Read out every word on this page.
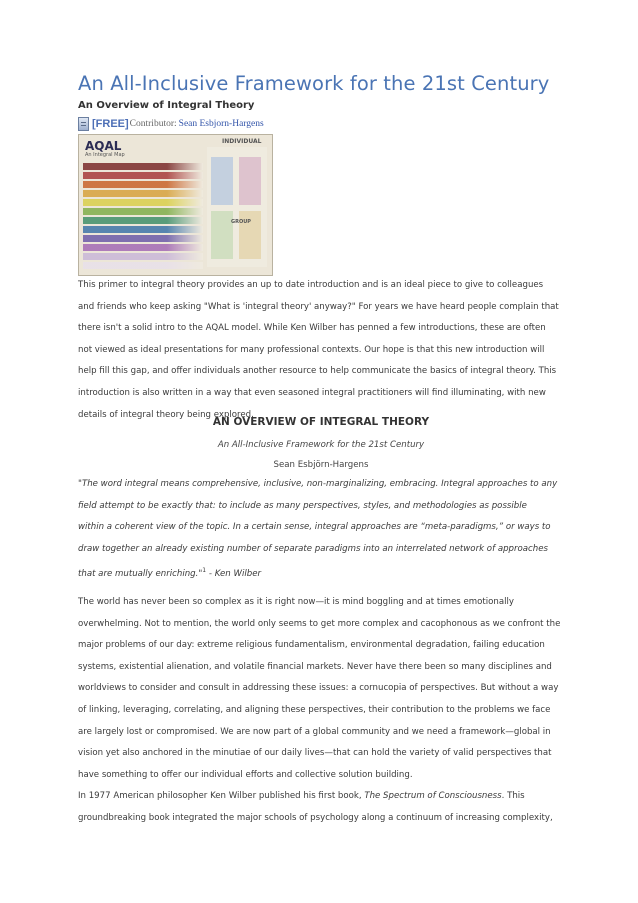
An All-Inclusive Framework for the 21st Century
An Overview of Integral Theory
[FREE] Contributor: Sean Esbjorn-Hargens
AQAL
An Integral Map
INDIVIDUAL
GROUP
This primer to integral theory provides an up to date introduction and is an ideal piece to give to colleagues
and friends who keep asking "What is 'integral theory' anyway?" For years we have heard people complain that
there isn't a solid intro to the AQAL model. While Ken Wilber has penned a few introductions, these are often
not viewed as ideal presentations for many professional contexts. Our hope is that this new introduction will
help fill this gap, and offer individuals another resource to help communicate the basics of integral theory. This
introduction is also written in a way that even seasoned integral practitioners will find illuminating, with new
details of integral theory being explored.
AN OVERVIEW OF INTEGRAL THEORY
An All-Inclusive Framework for the 21st Century
Sean Esbjörn-Hargens
"The word integral means comprehensive, inclusive, non-marginalizing, embracing. Integral approaches to any
field attempt to be exactly that: to include as many perspectives, styles, and methodologies as possible
within a coherent view of the topic. In a certain sense, integral approaches are “meta-paradigms,” or ways to
draw together an already existing number of separate paradigms into an interrelated network of approaches
that are mutually enriching."$^1$ - Ken Wilber
The world has never been so complex as it is right now—it is mind boggling and at times emotionally
overwhelming. Not to mention, the world only seems to get more complex and cacophonous as we confront the
major problems of our day: extreme religious fundamentalism, environmental degradation, failing education
systems, existential alienation, and volatile financial markets. Never have there been so many disciplines and
worldviews to consider and consult in addressing these issues: a cornucopia of perspectives. But without a way
of linking, leveraging, correlating, and aligning these perspectives, their contribution to the problems we face
are largely lost or compromised. We are now part of a global community and we need a framework—global in
vision yet also anchored in the minutiae of our daily lives—that can hold the variety of valid perspectives that
have something to offer our individual efforts and collective solution building.
In 1977 American philosopher Ken Wilber published his first book, The Spectrum of Consciousness. This
groundbreaking book integrated the major schools of psychology along a continuum of increasing complexity,
